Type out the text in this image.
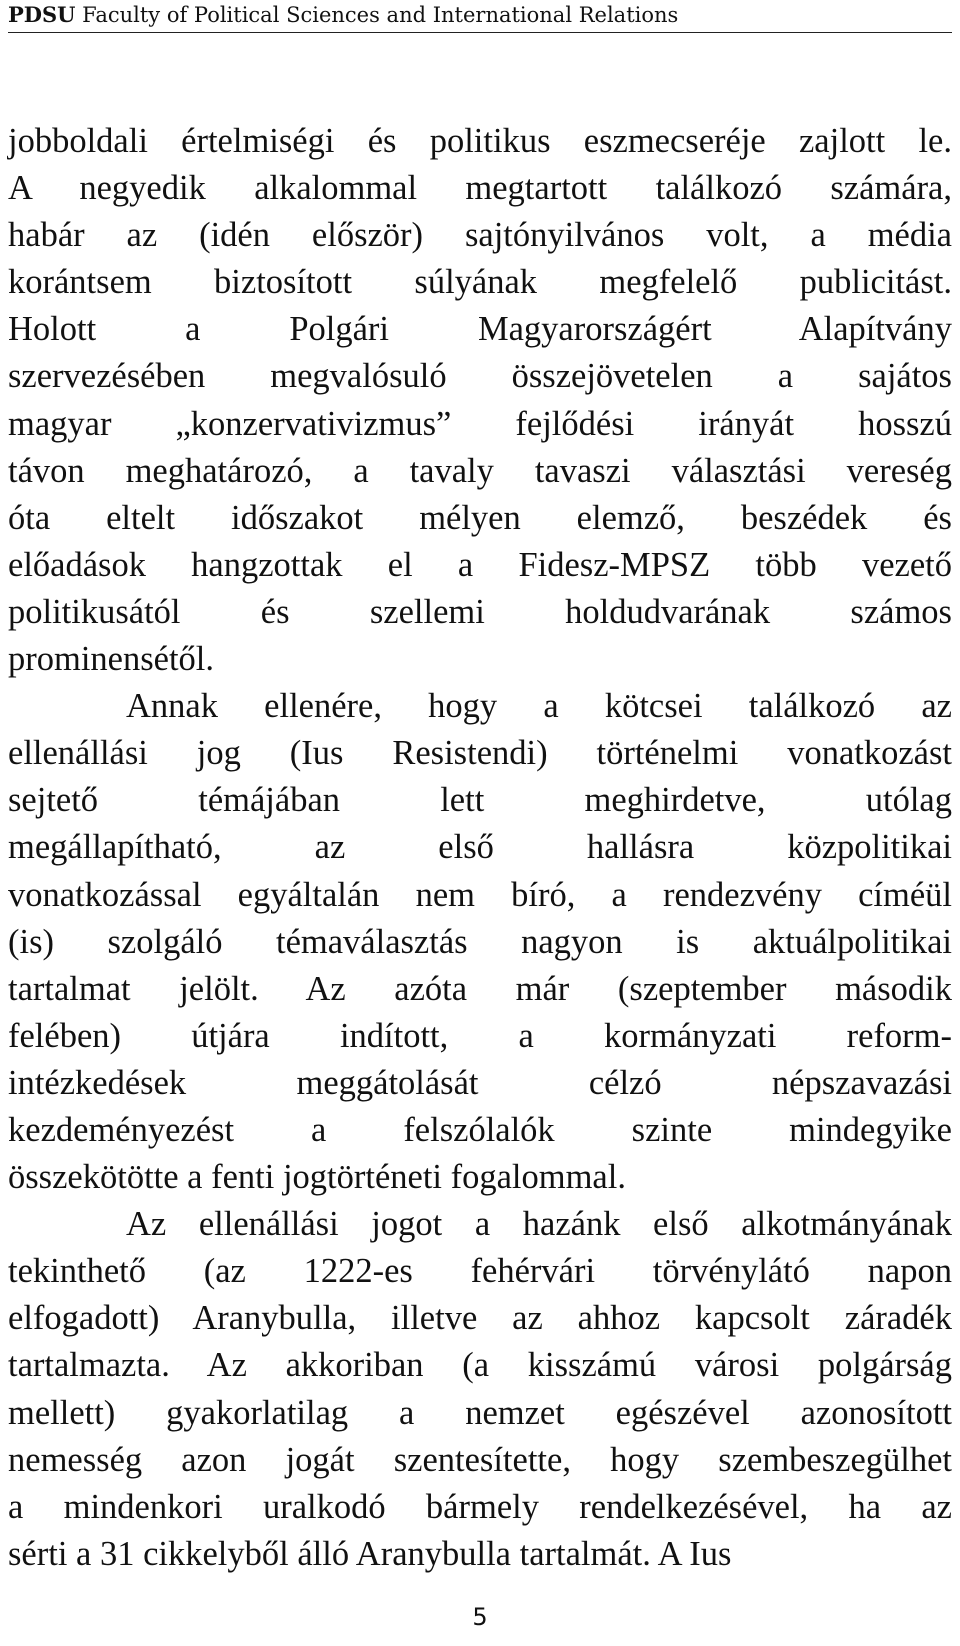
PDSU Faculty of Political Sciences and International Relations
jobboldali értelmiségi és politikus eszmecseréje zajlott le.
A negyedik alkalommal megtartott találkozó számára,
habár az (idén először) sajtónyilvános volt, a média
korántsem biztosított súlyának megfelelő publicitást.
Holott a Polgári Magyarországért Alapítvány
szervezésében megvalósuló összejövetelen a sajátos
magyar „konzervativizmus” fejlődési irányát hosszú
távon meghatározó, a tavaly tavaszi választási vereség
óta eltelt időszakot mélyen elemző, beszédek és
előadások hangzottak el a Fidesz-MPSZ több vezető
politikusától és szellemi holdudvarának számos
prominensétől.
Annak ellenére, hogy a kötcsei találkozó az
ellenállási jog (Ius Resistendi) történelmi vonatkozást
sejtető témájában lett meghirdetve, utólag
megállapítható, az első hallásra közpolitikai
vonatkozással egyáltalán nem bíró, a rendezvény címéül
(is) szolgáló témaválasztás nagyon is aktuálpolitikai
tartalmat jelölt. Az azóta már (szeptember második
felében) útjára indított, a kormányzati reform-
intézkedések meggátolását célzó népszavazási
kezdeményezést a felszólalók szinte mindegyike
összekötötte a fenti jogtörténeti fogalommal.
Az ellenállási jogot a hazánk első alkotmányának
tekinthető (az 1222-es fehérvári törvénylátó napon
elfogadott) Aranybulla, illetve az ahhoz kapcsolt záradék
tartalmazta. Az akkoriban (a kisszámú városi polgárság
mellett) gyakorlatilag a nemzet egészével azonosított
nemesség azon jogát szentesítette, hogy szembeszegülhet
a mindenkori uralkodó bármely rendelkezésével, ha az
sérti a 31 cikkelyből álló Aranybulla tartalmát. A Ius
5
